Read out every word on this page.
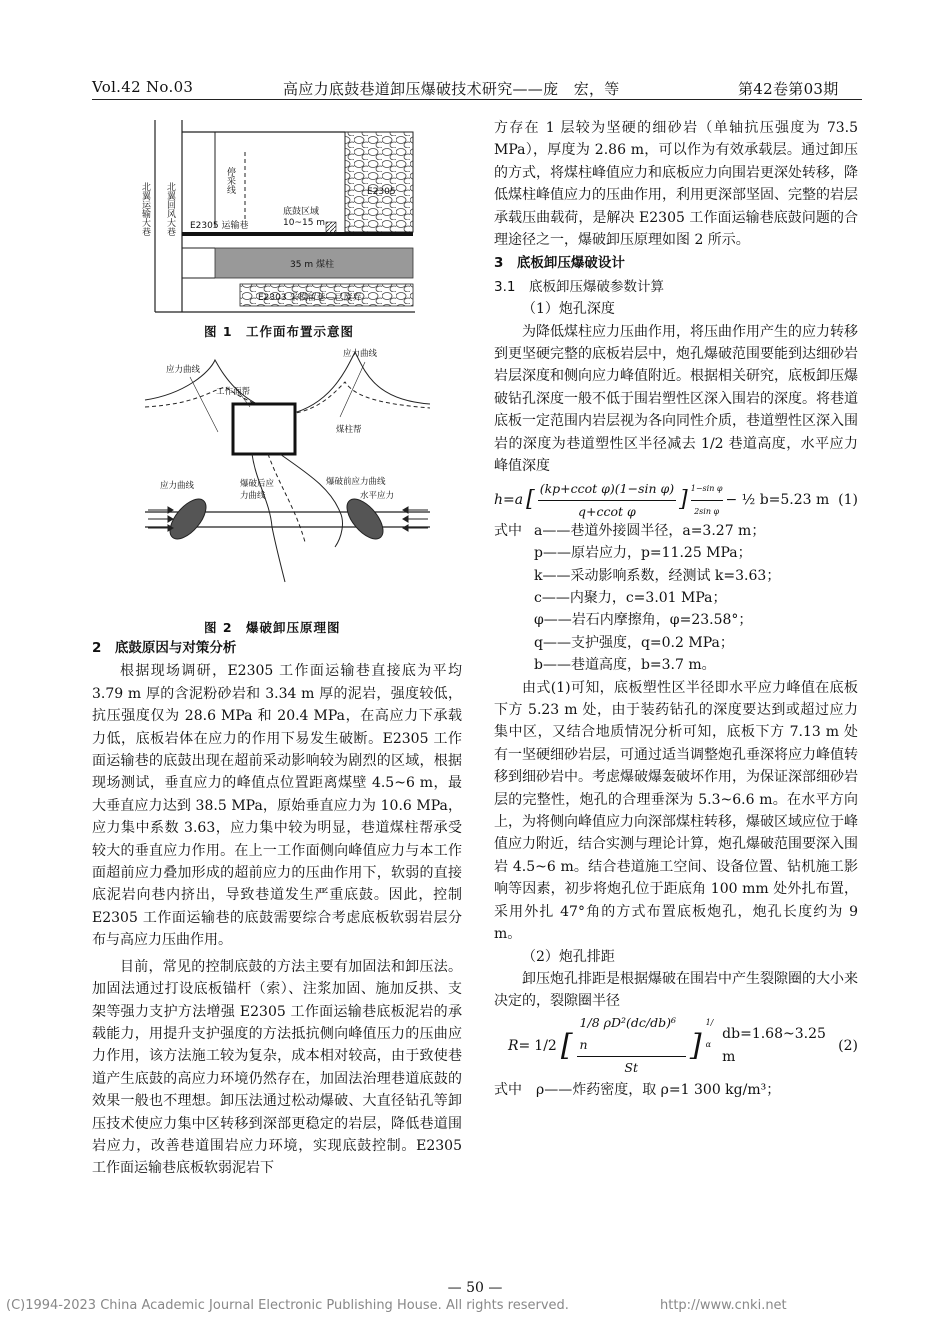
Vol.42 No.03	高应力底鼓巷道卸压爆破技术研究——庞　宏，等	第42卷第03期
北翼运输大巷 北翼回风大巷
停采线
E2305 运输巷
底鼓区域
10~15 m
E2305
35 m 煤柱
E2303 采模留巷—已废弃
图 1　工作面布置示意图
应力曲线
工作面帮
应力曲线
煤柱帮
应力曲线	爆破后应
力曲线
爆破前应力曲线
水平应力
图 2　爆破卸压原理图

2　底鼓原因与对策分析

根据现场调研，E2305 工作面运输巷直接底为平均 3.79 m 厚的含泥粉砂岩和 3.34 m 厚的泥岩，强度较低，抗压强度仅为 28.6 MPa 和 20.4 MPa，在高应力下承载力低，底板岩体在应力的作用下易发生破断。E2305 工作面运输巷的底鼓出现在超前采动影响较为剧烈的区域，根据现场测试，垂直应力的峰值点位置距离煤壁 4.5~6 m，最大垂直应力达到 38.5 MPa，原始垂直应力为 10.6 MPa，应力集中系数 3.63，应力集中较为明显，巷道煤柱帮承受较大的垂直应力作用。在上一工作面侧向峰值应力与本工作面超前应力叠加形成的超前应力的压曲作用下，软弱的直接底泥岩向巷内挤出，导致巷道发生严重底鼓。因此，控制 E2305 工作面运输巷的底鼓需要综合考虑底板软弱岩层分布与高应力压曲作用。

目前，常见的控制底鼓的方法主要有加固法和卸压法。加固法通过打设底板锚杆（索）、注浆加固、施加反拱、支架等强力支护方法增强 E2305 工作面运输巷底板泥岩的承载能力，用提升支护强度的方法抵抗侧向峰值压力的压曲应力作用，该方法施工较为复杂，成本相对较高，由于致使巷道产生底鼓的高应力环境仍然存在，加固法治理巷道底鼓的效果一般也不理想。卸压法通过松动爆破、大直径钻孔等卸压技术使应力集中区转移到深部更稳定的岩层，降低巷道围岩应力，改善巷道围岩应力环境，实现底鼓控制。E2305 工作面运输巷底板软弱泥岩下

方存在 1 层较为坚硬的细砂岩（单轴抗压强度为 73.5 MPa），厚度为 2.86 m，可以作为有效承载层。通过卸压的方式，将煤柱峰值应力和底板应力向围岩更深处转移，降低煤柱峰值应力的压曲作用，利用更深部坚固、完整的岩层承载压曲载荷，是解决 E2305 工作面运输巷底鼓问题的合理途径之一，爆破卸压原理如图 2 所示。

3　底板卸压爆破设计

3.1　底板卸压爆破参数计算

（1）炮孔深度

为降低煤柱应力压曲作用，将压曲作用产生的应力转移到更坚硬完整的底板岩层中，炮孔爆破范围要能到达细砂岩岩层深度和侧向应力峰值附近。根据相关研究，底板卸压爆破钻孔深度一般不低于围岩塑性区深入围岩的深度。将巷道底板一定范围内岩层视为各向同性介质，巷道塑性区深入围岩的深度为巷道塑性区半径减去 1/2 巷道高度，水平应力峰值深度

h=a [ $\frac{\text{(kp+ccot φ)(1−sin φ)}}{\text{q+ccot φ}}$ ] $\frac{\text{1−sin φ}}{\text{2sin φ}}$ − ½ b=5.23 m (1)

式中 a——巷道外接圆半径，a=3.27 m；
p——原岩应力，p=11.25 MPa；
k——采动影响系数，经测试 k=3.63；
c——内聚力，c=3.01 MPa；
φ——岩石内摩擦角，φ=23.58°；
q——支护强度，q=0.2 MPa；
b——巷道高度，b=3.7 m。

由式(1)可知，底板塑性区半径即水平应力峰值在底板下方 5.23 m 处，由于装药钻孔的深度要达到或超过应力集中区，又结合地质情况分析可知，底板下方 7.13 m 处有一坚硬细砂岩层，可通过适当调整炮孔垂深将应力峰值转移到细砂岩中。考虑爆破爆轰破坏作用，为保证深部细砂岩层的完整性，炮孔的合理垂深为 5.3~6.6 m。在水平方向上，为将侧向峰值应力向深部煤柱转移，爆破区域应位于峰值应力附近，结合实测与理论计算，炮孔爆破范围要深入围岩 4.5~6 m。结合巷道施工空间、设备位置、钻机施工影响等因素，初步将炮孔位于距底角 100 mm 处外扎布置，采用外扎 47°角的方式布置底板炮孔，炮孔长度约为 9 m。

（2）炮孔排距

卸压炮孔排距是根据爆破在围岩中产生裂隙圈的大小来决定的，裂隙圈半径

R= 1/2 [
1/8 ρD²(dc/db)⁶ n
St
]
1/α
db=1.68~3.25 m
(2)

式中　ρ——炸药密度，取 ρ=1 300 kg/m³；

— 50 —
(C)1994-2023 China Academic Journal Electronic Publishing House. All rights reserved.	http://www.cnki.net
